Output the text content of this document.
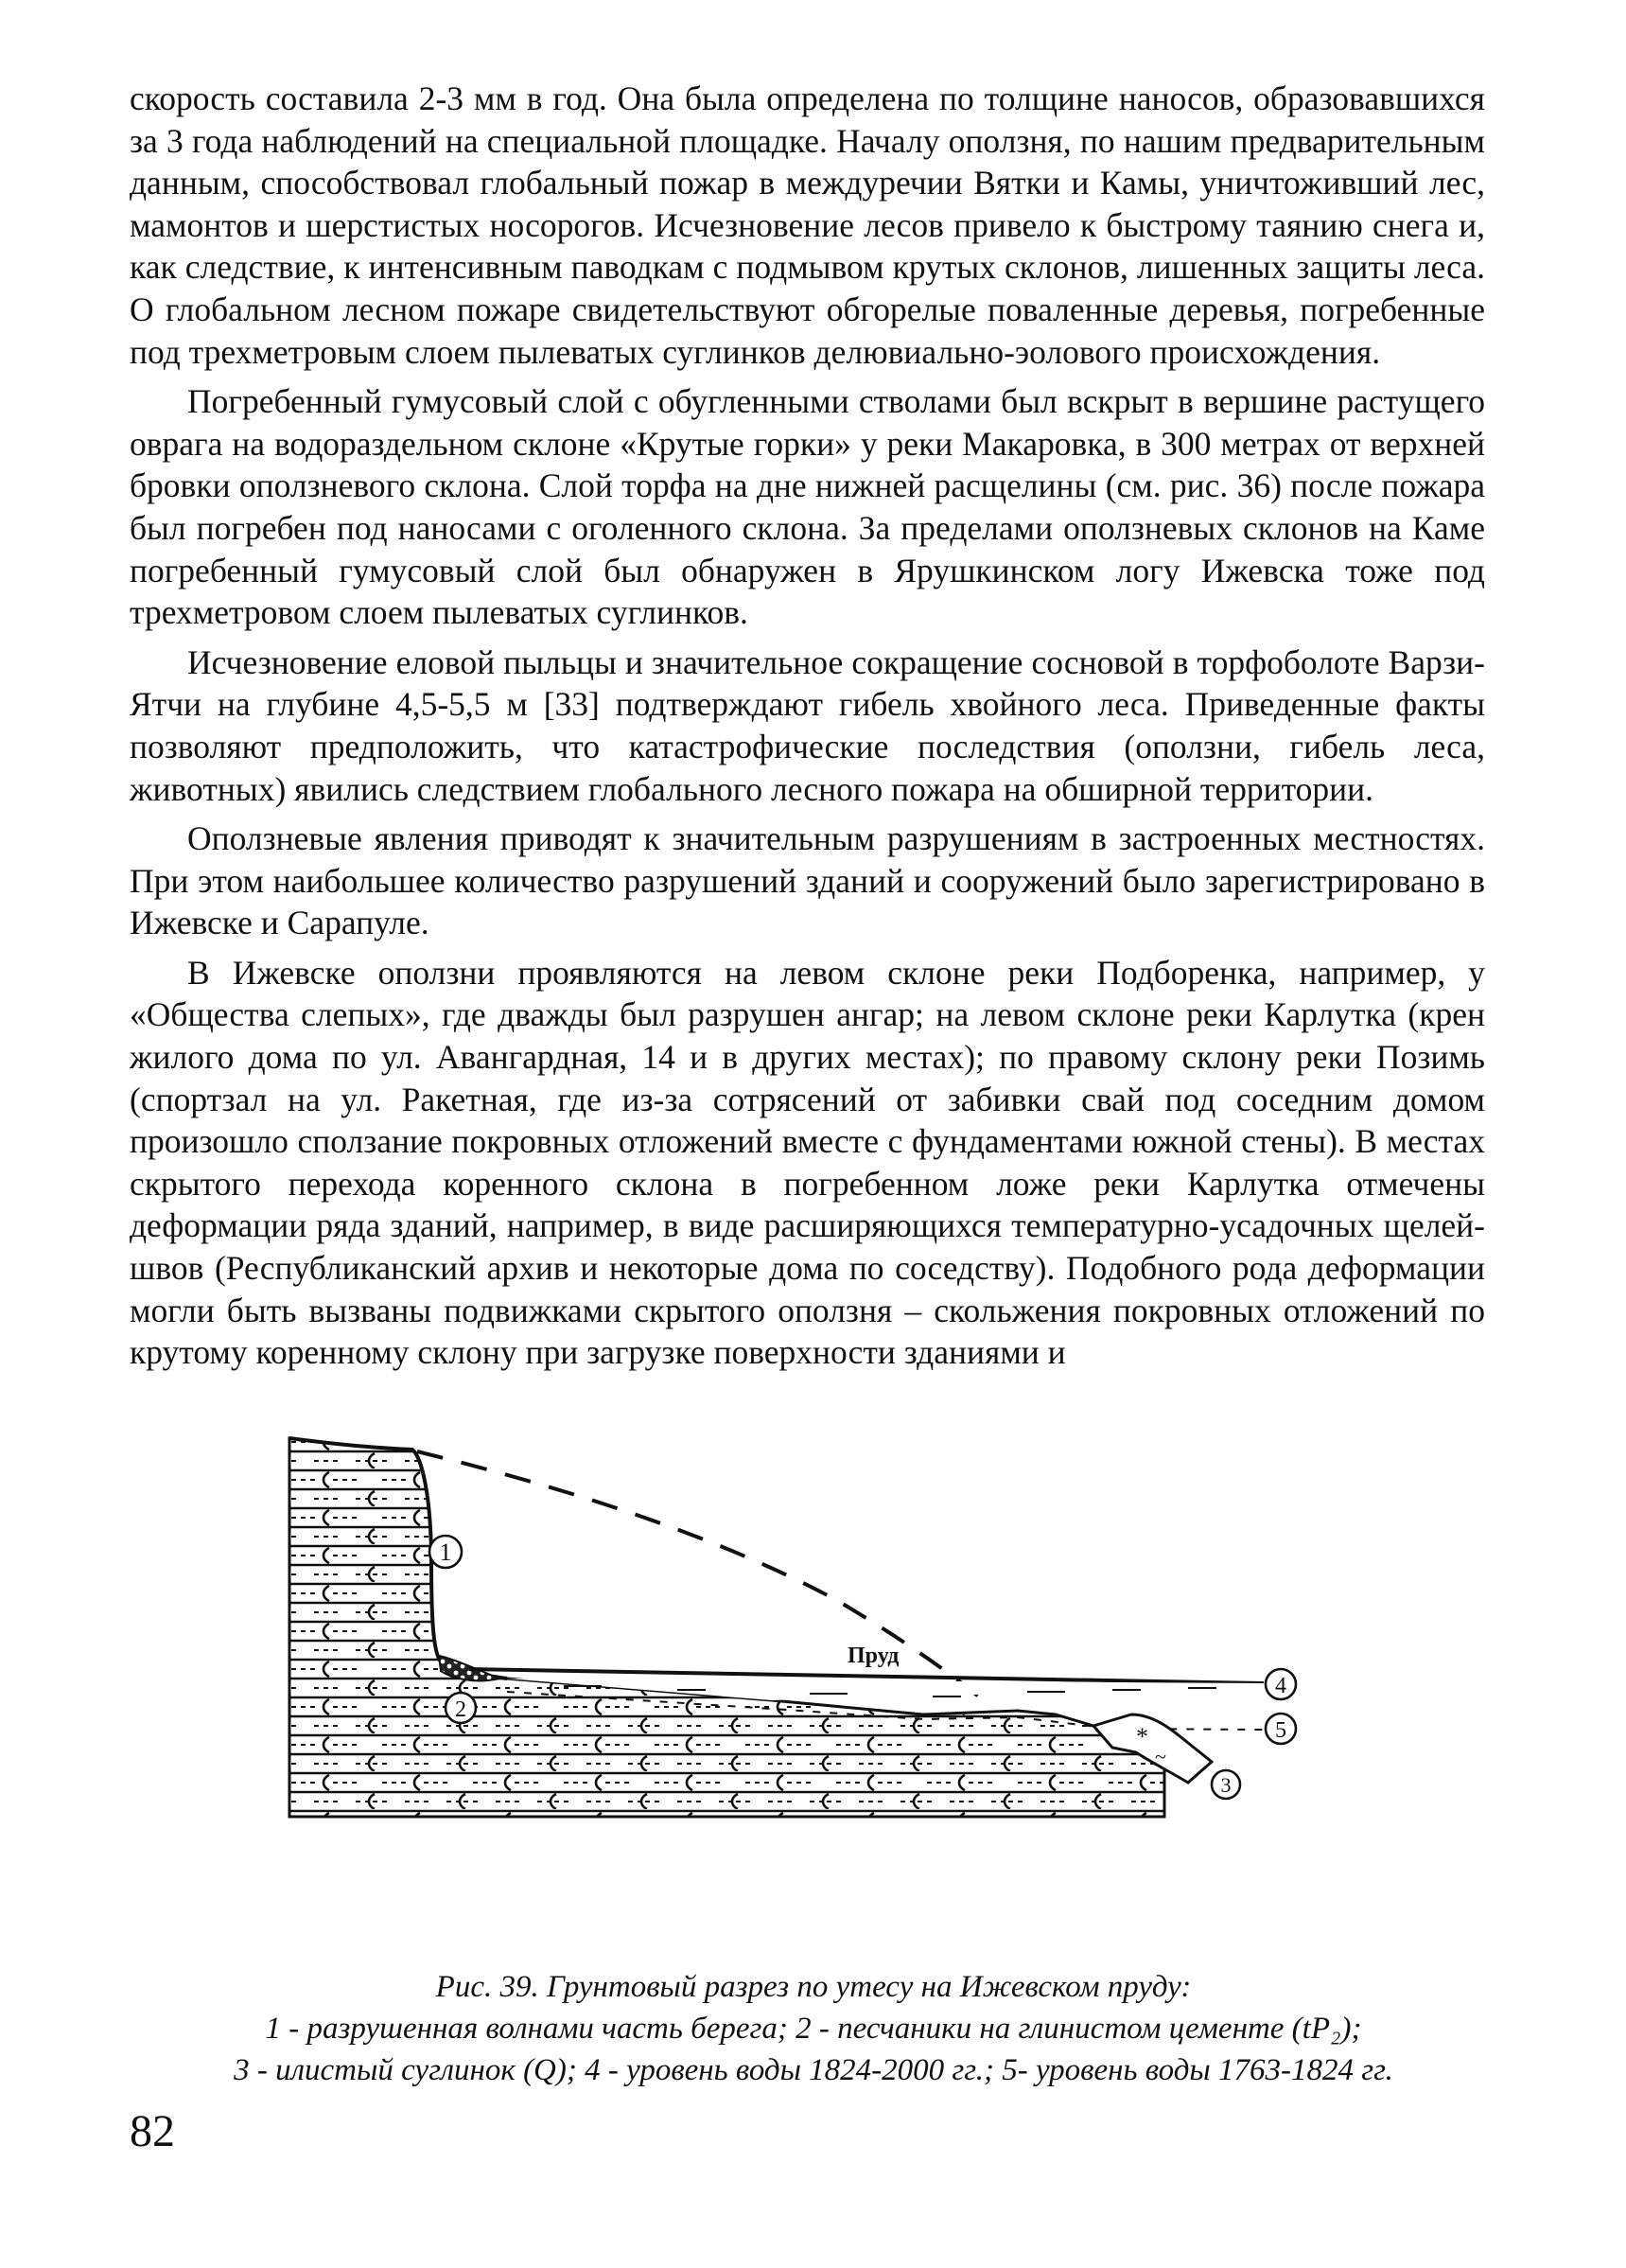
скорость составила 2-3 мм в год. Она была определена по толщине наносов, образовавшихся за 3 года наблюдений на специальной площадке. Началу оползня, по нашим предварительным данным, способствовал глобальный пожар в междуречии Вятки и Камы, уничтоживший лес, мамонтов и шерстистых носорогов. Исчезновение лесов привело к быстрому таянию снега и, как следствие, к интенсивным паводкам с подмывом крутых склонов, лишенных защиты леса. О глобальном лесном пожаре свидетельствуют обгорелые поваленные деревья, погребенные под трехметровым слоем пылеватых суглинков делювиально-эолового происхождения.

Погребенный гумусовый слой с обугленными стволами был вскрыт в вершине растущего оврага на водораздельном склоне «Крутые горки» у реки Макаровка, в 300 метрах от верхней бровки оползневого склона. Слой торфа на дне нижней расщелины (см. рис. 36) после пожара был погребен под наносами с оголенного склона. За пределами оползневых склонов на Каме погребенный гумусовый слой был обнаружен в Ярушкинском логу Ижевска тоже под трехметровом слоем пылеватых суглинков.

Исчезновение еловой пыльцы и значительное сокращение сосновой в торфоболоте Варзи-Ятчи на глубине 4,5-5,5 м [33] подтверждают гибель хвойного леса. Приведенные факты позволяют предположить, что катастрофические последствия (оползни, гибель леса, животных) явились следствием глобального лесного пожара на обширной территории.

Оползневые явления приводят к значительным разрушениям в застроенных местностях. При этом наибольшее количество разрушений зданий и сооружений было зарегистрировано в Ижевске и Сарапуле.

В Ижевске оползни проявляются на левом склоне реки Подборенка, например, у «Общества слепых», где дважды был разрушен ангар; на левом склоне реки Карлутка (крен жилого дома по ул. Авангардная, 14 и в других местах); по правому склону реки Позимь (спортзал на ул. Ракетная, где из-за сотрясений от забивки свай под соседним домом произошло сползание покровных отложений вместе с фундаментами южной стены). В местах скрытого перехода коренного склона в погребенном ложе реки Карлутка отмечены деформации ряда зданий, например, в виде расширяющихся температурно-усадочных щелей-швов (Республиканский архив и некоторые дома по соседству). Подобного рода деформации могли быть вызваны подвижками скрытого оползня – скольжения покровных отложений по крутому коренному склону при загрузке поверхности зданиями и

*
~
Пруд
1
2
3
4
5
Рис. 39. Грунтовый разрез по утесу на Ижевском пруду:
1 - разрушенная волнами часть берега; 2 - песчаники на глинистом цементе (tP₂);
3 - илистый суглинок (Q); 4 - уровень воды 1824-2000 гг.; 5- уровень воды 1763-1824 гг.
82
